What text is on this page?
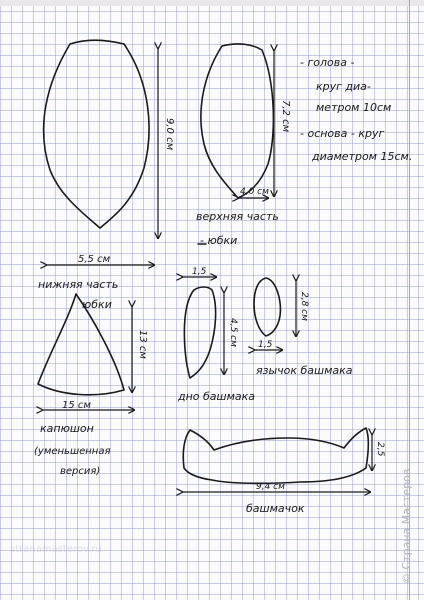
- голова -
круг диа-
метром 10см
- основа - круг
диаметром 15см.
9,0 см
5,5 см
нижняя часть
юбки
7,2 см
4,0 см
верхняя часть
- юбки
13 см
15 см
капюшон
(уменьшенная
версия)
1,5
4,5 см
дно башмака
2,8 см
1,5
язычок башмака
2,5
9,4 см
башмачок	© Страна Мастеров
stranamasterov.ru
